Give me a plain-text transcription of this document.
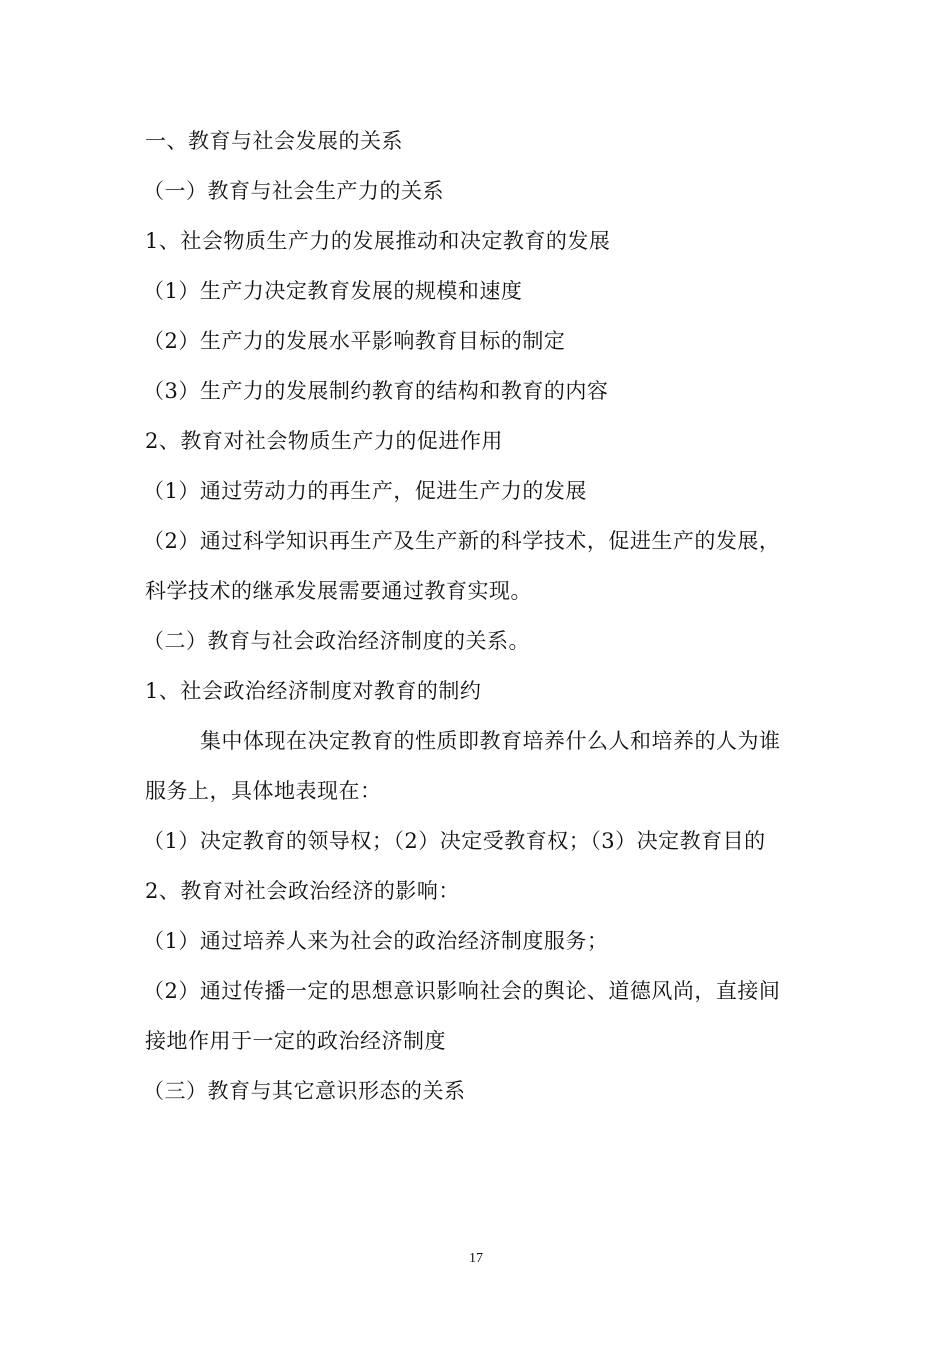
一、教育与社会发展的关系
（一）教育与社会生产力的关系
1、社会物质生产力的发展推动和决定教育的发展
（1）生产力决定教育发展的规模和速度
（2）生产力的发展水平影响教育目标的制定
（3）生产力的发展制约教育的结构和教育的内容
2、教育对社会物质生产力的促进作用
（1）通过劳动力的再生产，促进生产力的发展
（2）通过科学知识再生产及生产新的科学技术，促进生产的发展，
科学技术的继承发展需要通过教育实现。
（二）教育与社会政治经济制度的关系。
1、社会政治经济制度对教育的制约
集中体现在决定教育的性质即教育培养什么人和培养的人为谁
服务上，具体地表现在：
（1）决定教育的领导权；（2）决定受教育权；（3）决定教育目的
2、教育对社会政治经济的影响：
（1）通过培养人来为社会的政治经济制度服务；
（2）通过传播一定的思想意识影响社会的舆论、道德风尚，直接间
接地作用于一定的政治经济制度
（三）教育与其它意识形态的关系
17
